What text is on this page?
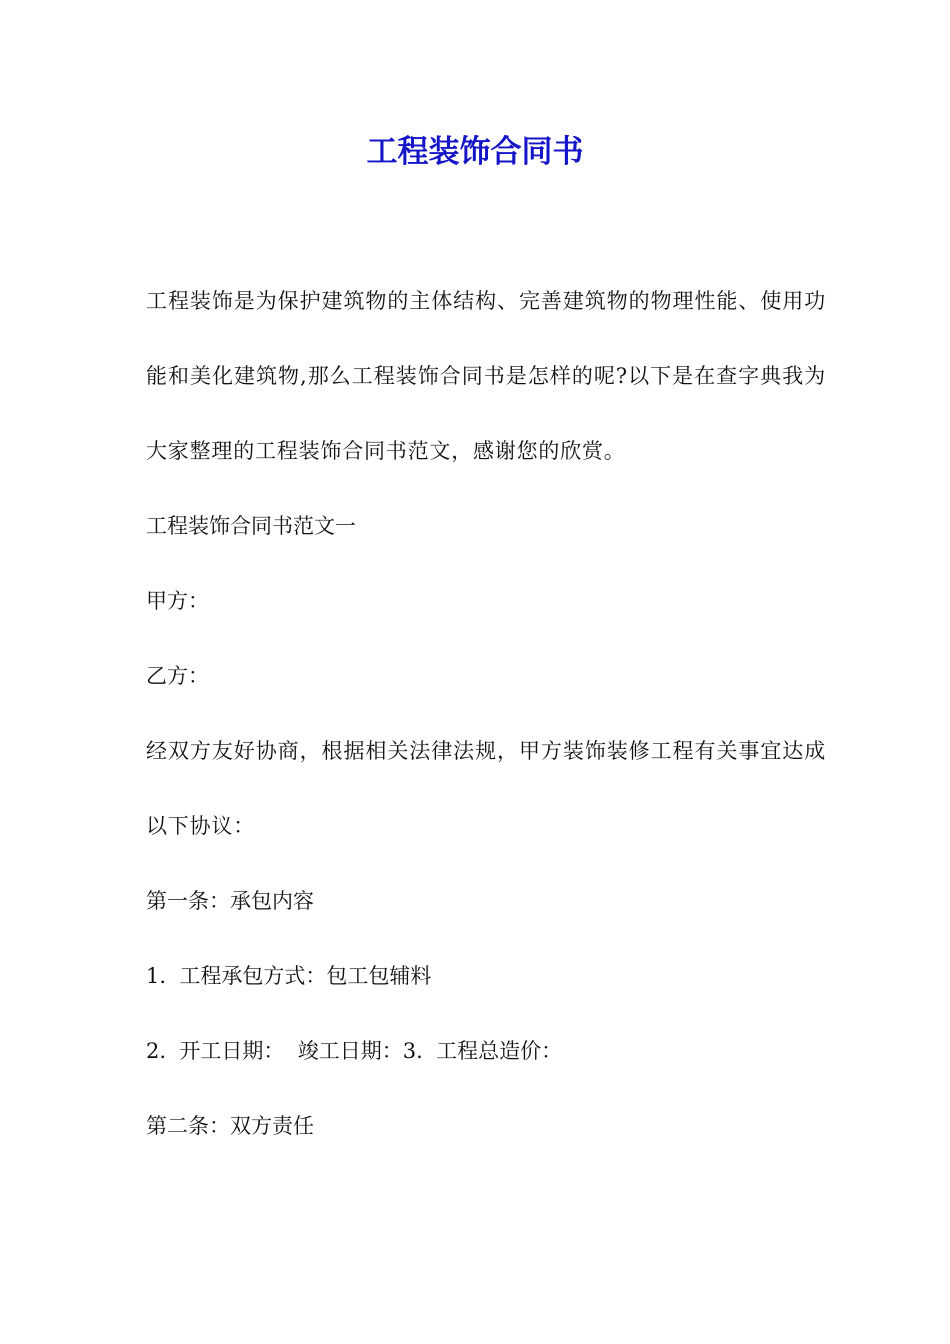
工程装饰合同书

工程装饰是为保护建筑物的主体结构、完善建筑物的物理性能、使用功能和美化建筑物,那么工程装饰合同书是怎样的呢?以下是在查字典我为大家整理的工程装饰合同书范文，感谢您的欣赏。

工程装饰合同书范文一

甲方：

乙方：

经双方友好协商，根据相关法律法规，甲方装饰装修工程有关事宜达成以下协议：

第一条：承包内容

1.  工程承包方式：包工包辅料

2.  开工日期：  竣工日期：3.  工程总造价：

第二条：双方责任
